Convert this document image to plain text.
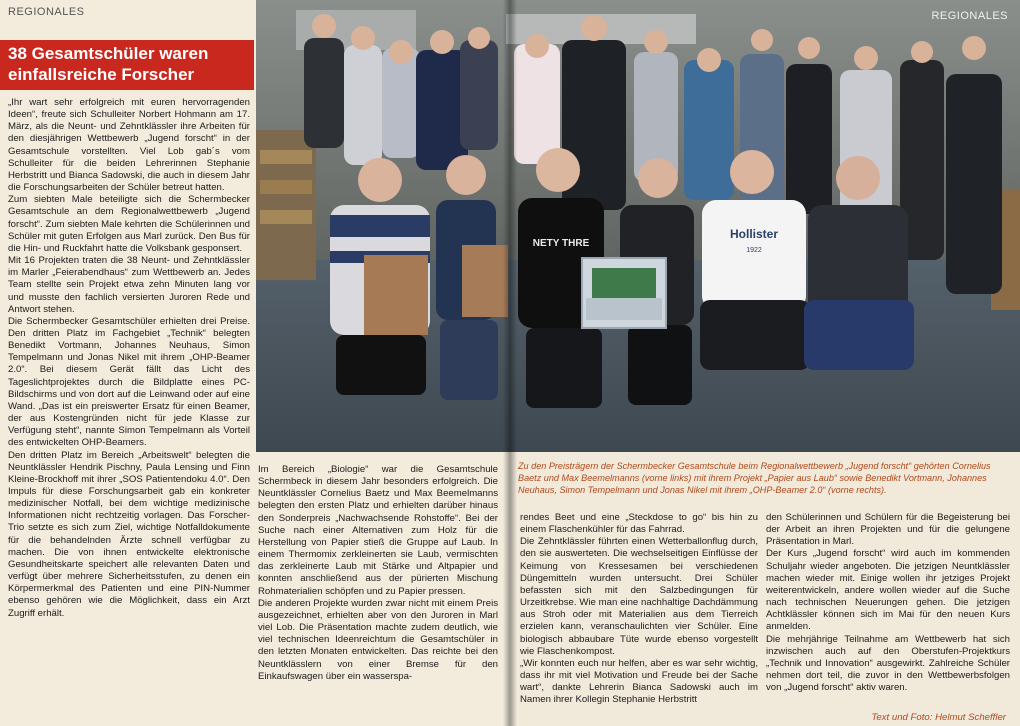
REGIONALES
38 Gesamtschüler waren einfallsreiche Forscher

„Ihr wart sehr erfolgreich mit euren hervorragenden Ideen“, freute sich Schulleiter Norbert Hohmann am 17. März, als die Neunt- und Zehntklässler ihre Arbeiten für den diesjährigen Wettbewerb „Jugend forscht“ in der Gesamtschule vorstellten. Viel Lob gab´s vom Schulleiter für die beiden Lehrerinnen Stephanie Herbstritt und Bianca Sadowski, die auch in diesem Jahr die Forschungsarbeiten der Schüler betreut hatten.

Zum siebten Male beteiligte sich die Schermbecker Gesamtschule an dem Regionalwettbewerb „Jugend forscht“. Zum siebten Male kehrten die Schülerinnen und Schüler mit guten Erfolgen aus Marl zurück. Den Bus für die Hin- und Ruckfahrt hatte die Volksbank gesponsert.

Mit 16 Projekten traten die 38 Neunt- und Zehntklässler im Marler „Feierabendhaus“ zum Wettbewerb an. Jedes Team stellte sein Projekt etwa zehn Minuten lang vor und musste den fachlich versierten Juroren Rede und Antwort stehen.

Die Schermbecker Gesamtschüler erhielten drei Preise. Den dritten Platz im Fachgebiet „Technik“ belegten Benedikt Vortmann, Johannes Neuhaus, Simon Tempelmann und Jonas Nikel mit ihrem „OHP-Beamer 2.0“. Bei diesem Gerät fällt das Licht des Tageslichtprojektes durch die Bildplatte eines PC-Bildschirms und von dort auf die Leinwand oder auf eine Wand. „Das ist ein preiswerter Ersatz für einen Beamer, der aus Kostengründen nicht für jede Klasse zur Verfügung steht“, nannte Simon Tempelmann als Vorteil des entwickelten OHP-Beamers.

Den dritten Platz im Bereich „Arbeitswelt“ belegten die Neuntklässler Hendrik Pischny, Paula Lensing und Finn Kleine-Brockhoff mit ihrer „SOS Patientendoku 4.0“. Den Impuls für diese Forschungsarbeit gab ein konkreter medizinischer Notfall, bei dem wichtige medizinische Informationen nicht rechtzeitig vorlagen. Das Forscher-Trio setzte es sich zum Ziel, wichtige Notfalldokumente für die behandelnden Ärzte schnell verfügbar zu machen. Die von ihnen entwickelte elektronische Gesundheitskarte speichert alle relevanten Daten und verfügt über mehrere Sicherheitsstufen, zu denen ein Körpermerkmal des Patienten und eine PIN-Nummer ebenso gehören wie die Möglichkeit, dass ein Arzt Zugriff erhält.

NETY THRE
Hollister
1922
REGIONALES

Im Bereich „Biologie“ war die Gesamtschule Schermbeck in diesem Jahr besonders erfolgreich. Die Neuntklässler Cornelius Baetz und Max Beemelmanns belegten den ersten Platz und erhielten darüber hinaus den Sonderpreis „Nachwachsende Rohstoffe“. Bei der Suche nach einer Alternativen zum Holz für die Herstellung von Papier stieß die Gruppe auf Laub. In einem Thermomix zerkleinerten sie Laub, vermischten das zerkleinerte Laub mit Stärke und Altpapier und konnten anschließend aus der pürierten Mischung Rohmaterialien schöpfen und zu Papier pressen.

Die anderen Projekte wurden zwar nicht mit einem Preis ausgezeichnet, erhielten aber von den Juroren in Marl viel Lob. Die Präsentation machte zudem deutlich, wie viel technischen Ideenreichtum die Gesamtschüler in den letzten Monaten entwickelten. Das reichte bei den Neuntklässlern von einer Bremse für den Einkaufswagen über ein wasserspa-

Zu den Preisträgern der Schermbecker Gesamtschule beim Regionalwettbewerb „Jugend forscht“ gehörten Cornelius Baetz und Max Beemelmanns (vorne links) mit ihrem Projekt „Papier aus Laub“ sowie Benedikt Vortmann, Johannes Neuhaus, Simon Tempelmann und Jonas Nikel mit ihrem „OHP-Beamer 2.0“ (vorne rechts).

rendes Beet und eine „Steckdose to go“ bis hin zu einem Flaschenkühler für das Fahrrad.

Die Zehntklässler führten einen Wetterballonflug durch, den sie auswerteten. Die wechselseitigen Einflüsse der Keimung von Kressesamen bei verschiedenen Düngemitteln wurden untersucht. Drei Schüler befassten sich mit den Salzbedingungen für Urzeitkrebse. Wie man eine nachhaltige Dachdämmung aus Stroh oder mit Materialien aus dem Tierreich erzielen kann, veranschaulichten vier Schüler. Eine biologisch abbaubare Tüte wurde ebenso vorgestellt wie Flaschenkompost.

„Wir konnten euch nur helfen, aber es war sehr wichtig, dass ihr mit viel Motivation und Freude bei der Sache wart“, dankte Lehrerin Bianca Sadowski auch im Namen ihrer Kollegin Stephanie Herbstritt

den Schülerinnen und Schülern für die Begeisterung bei der Arbeit an ihren Projekten und für die gelungene Präsentation in Marl.

Der Kurs „Jugend forscht“ wird auch im kommenden Schuljahr wieder angeboten. Die jetzigen Neuntklässler machen wieder mit. Einige wollen ihr jetziges Projekt weiterentwickeln, andere wollen wieder auf die Suche nach technischen Neuerungen gehen. Die jetzigen Achtklässler können sich im Mai für den neuen Kurs anmelden.

Die mehrjährige Teilnahme am Wettbewerb hat sich inzwischen auch auf den Oberstufen-Projektkurs „Technik und Innovation“ ausgewirkt. Zahlreiche Schüler nehmen dort teil, die zuvor in den Wettbewerbsfolgen von „Jugend forscht“ aktiv waren.

Text und Foto: Helmut Scheffler
